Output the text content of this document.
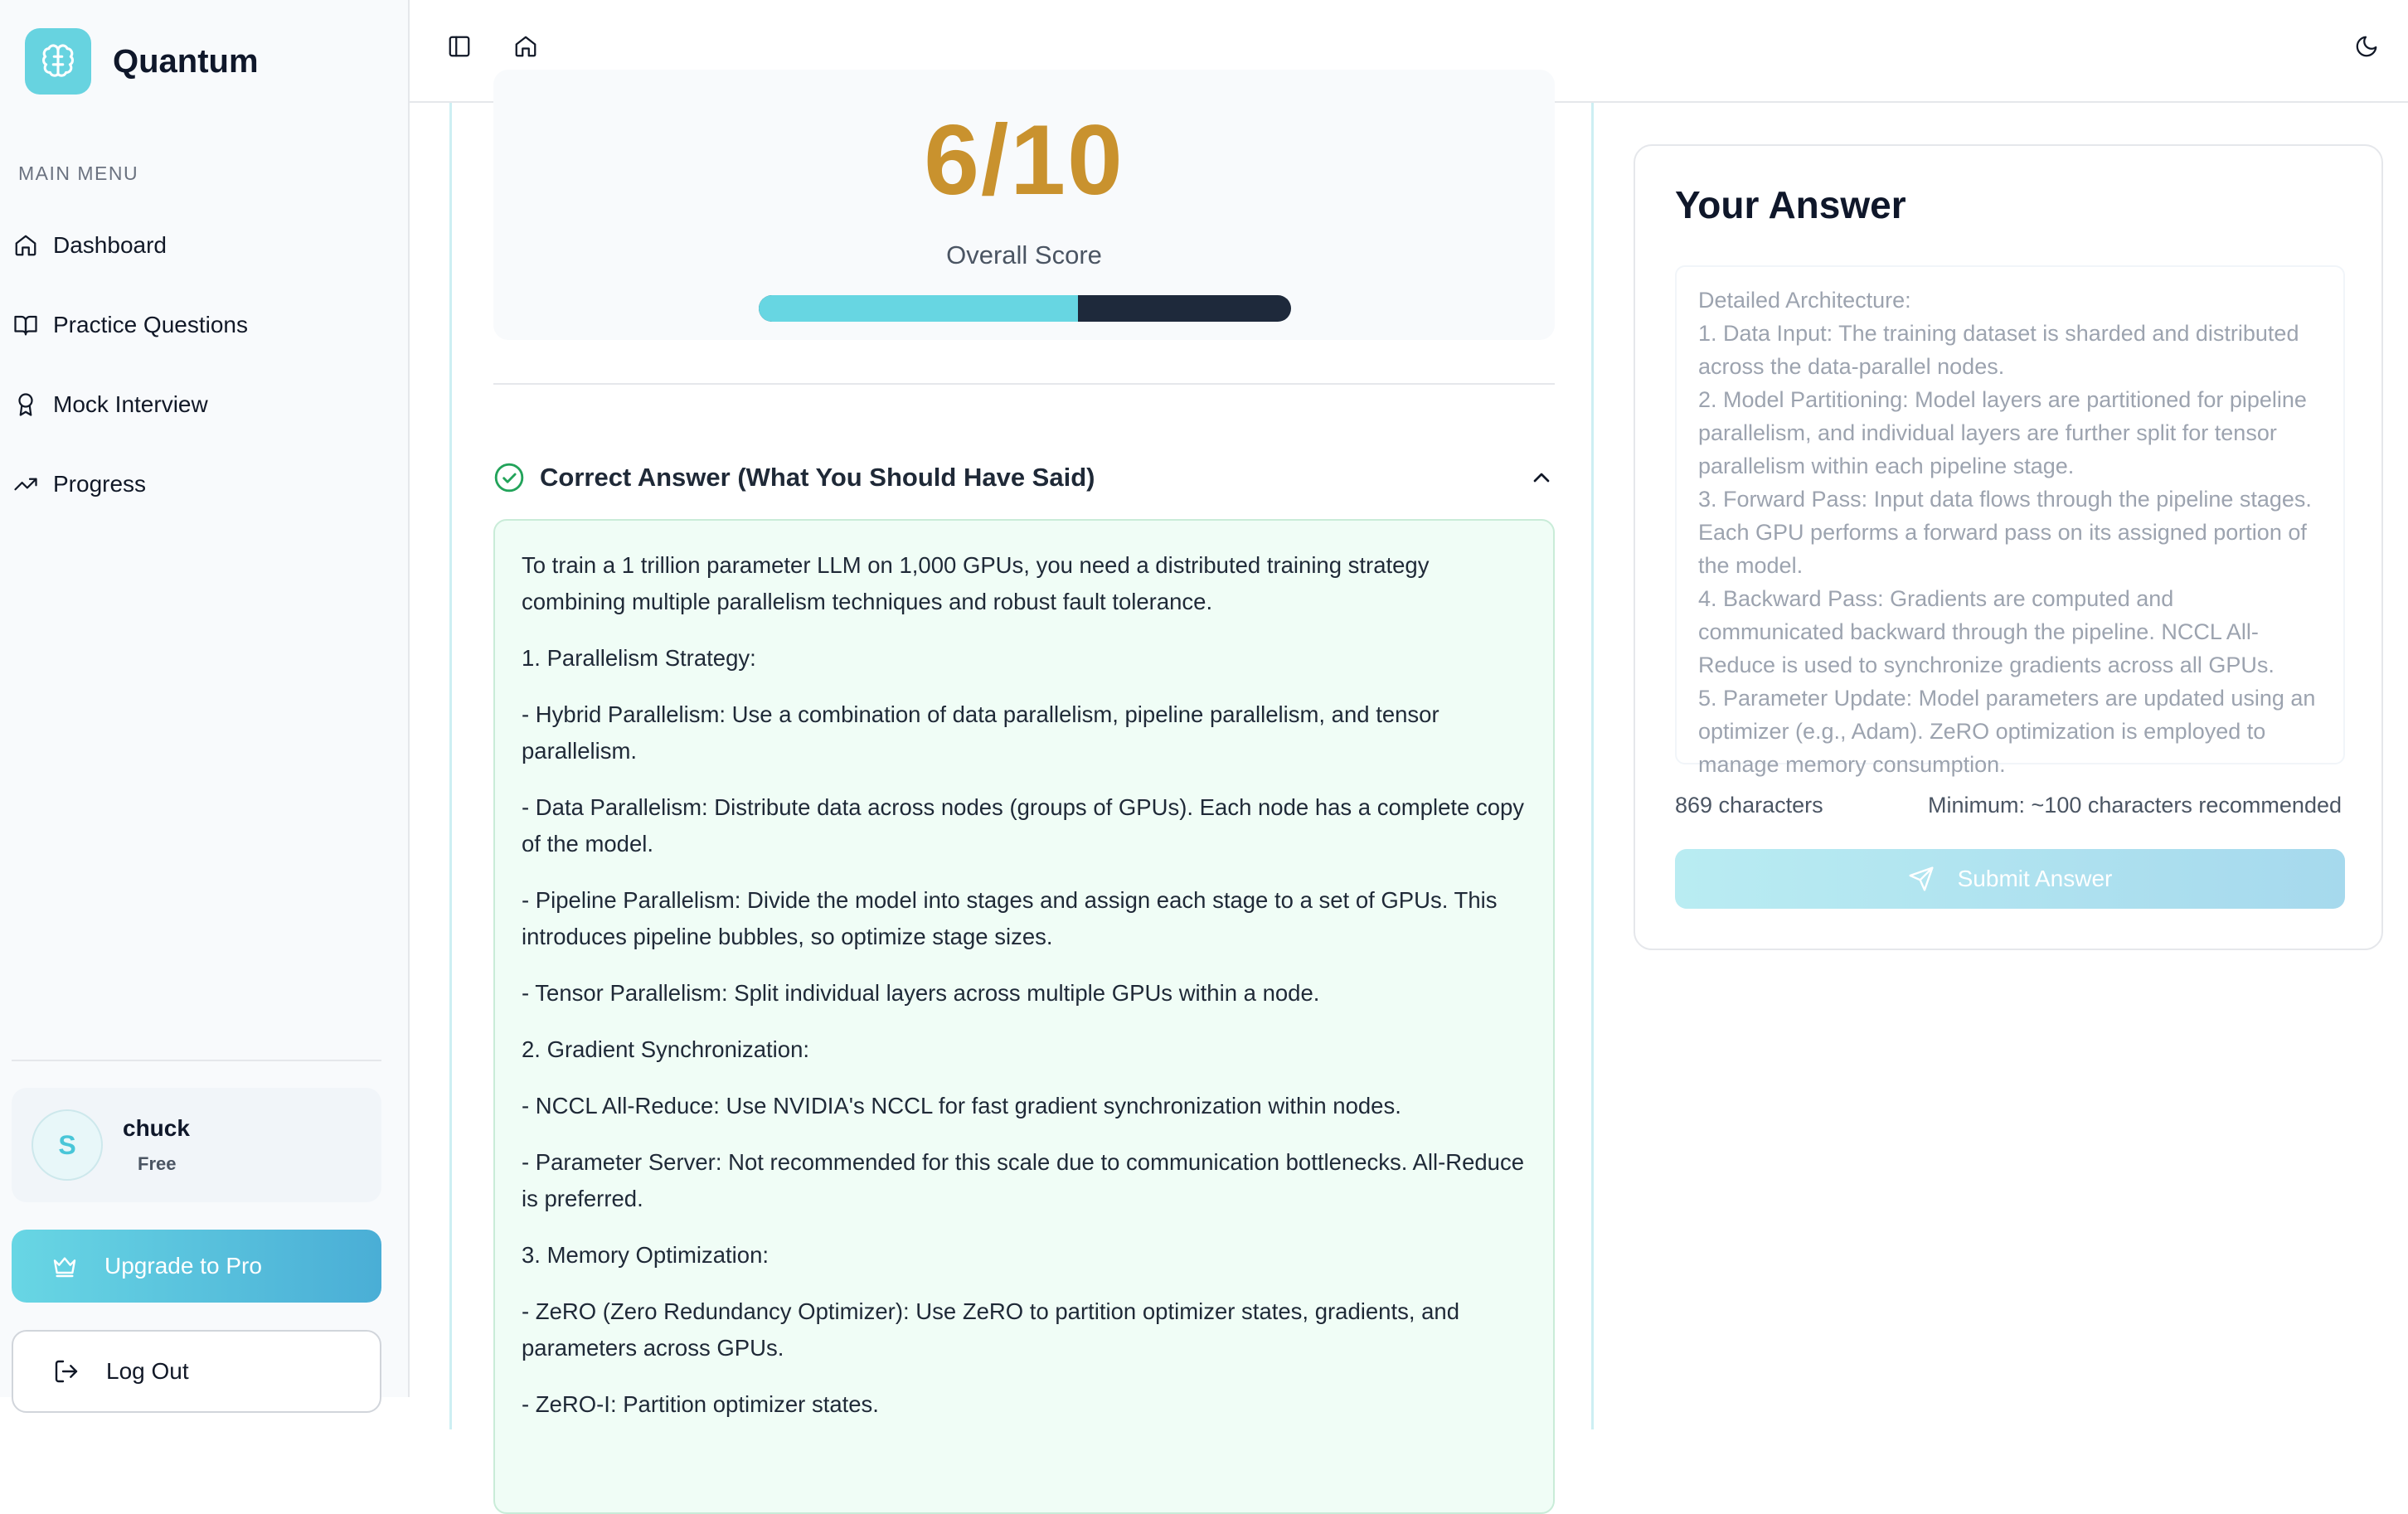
Quantum
MAIN MENU
Dashboard
Practice Questions
Mock Interview
Progress
S
chuck
Free
Upgrade to Pro
Log Out
6/10
Overall Score
Correct Answer (What You Should Have Said)

To train a 1 trillion parameter LLM on 1,000 GPUs, you need a distributed training strategy combining multiple parallelism techniques and robust fault tolerance.

1. Parallelism Strategy:

- Hybrid Parallelism: Use a combination of data parallelism, pipeline parallelism, and tensor parallelism.

- Data Parallelism: Distribute data across nodes (groups of GPUs). Each node has a complete copy of the model.

- Pipeline Parallelism: Divide the model into stages and assign each stage to a set of GPUs. This introduces pipeline bubbles, so optimize stage sizes.

- Tensor Parallelism: Split individual layers across multiple GPUs within a node.

2. Gradient Synchronization:

- NCCL All-Reduce: Use NVIDIA's NCCL for fast gradient synchronization within nodes.

- Parameter Server: Not recommended for this scale due to communication bottlenecks. All-Reduce is preferred.

3. Memory Optimization:

- ZeRO (Zero Redundancy Optimizer): Use ZeRO to partition optimizer states, gradients, and parameters across GPUs.

- ZeRO-I: Partition optimizer states.

Your Answer
Detailed Architecture:
1. Data Input: The training dataset is sharded and distributed across the data-parallel nodes.
2. Model Partitioning: Model layers are partitioned for pipeline parallelism, and individual layers are further split for tensor parallelism within each pipeline stage.
3. Forward Pass: Input data flows through the pipeline stages. Each GPU performs a forward pass on its assigned portion of the model.
4. Backward Pass: Gradients are computed and communicated backward through the pipeline. NCCL All-Reduce is used to synchronize gradients across all GPUs.
5. Parameter Update: Model parameters are updated using an optimizer (e.g., Adam). ZeRO optimization is employed to manage memory consumption.
869 characters	Minimum: ~100 characters recommended
Submit Answer
